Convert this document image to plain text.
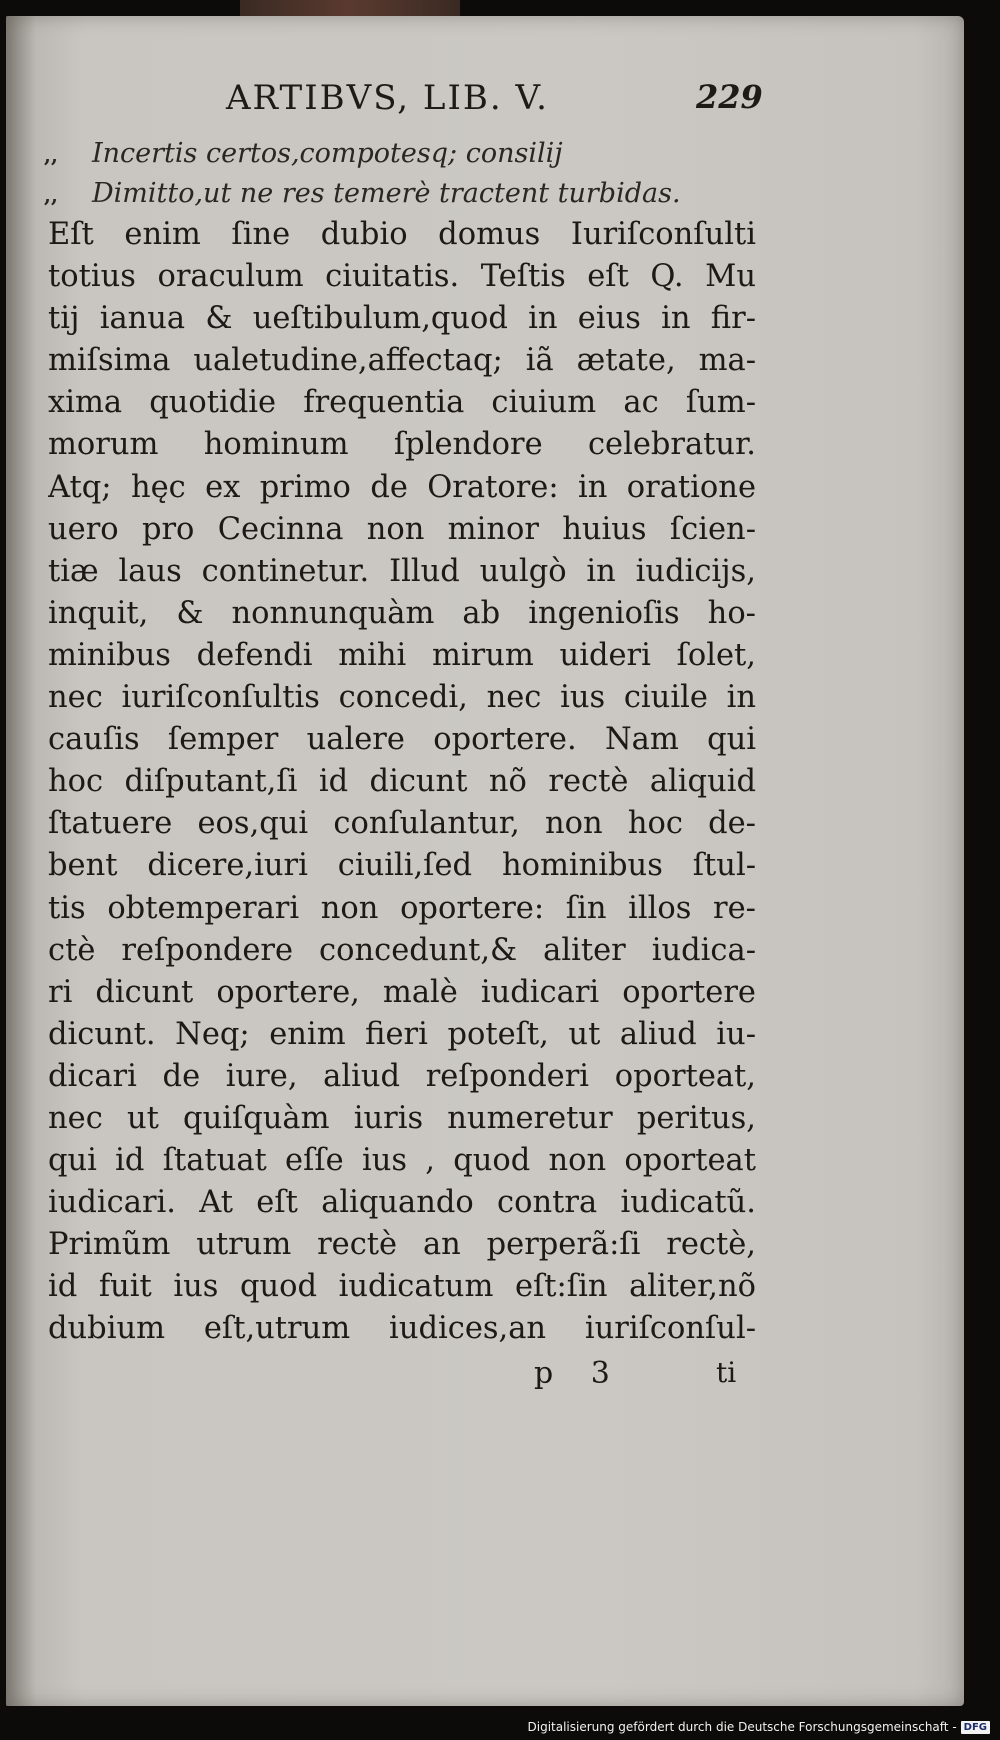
ARTIBVS, LIB. V.	229
,, Incertis certos,compotesq; consilij
,, Dimitto,ut ne res temerè tractent turbidas.
Eſt enim ſine dubio domus Iuriſconſulti
totius oraculum ciuitatis. Teſtis eſt Q. Mu
tij ianua & ueſtibulum,quod in eius in fir-
miſsima ualetudine,affectaq; iã ætate, ma-
xima quotidie frequentia ciuium ac ſum-
morum hominum ſplendore celebratur.
Atq; hęc ex primo de Oratore: in oratione
uero pro Cecinna non minor huius ſcien-
tiæ laus continetur. Illud uulgò in iudicijs,
inquit, & nonnunquàm ab ingenioſis ho-
minibus defendi mihi mirum uideri ſolet,
nec iuriſconſultis concedi, nec ius ciuile in
cauſis ſemper ualere oportere. Nam qui
hoc diſputant,ſi id dicunt nõ rectè aliquid
ſtatuere eos,qui conſulantur, non hoc de-
bent dicere,iuri ciuili,ſed hominibus ſtul-
tis obtemperari non oportere: ſin illos re-
ctè reſpondere concedunt,& aliter iudica-
ri dicunt oportere, malè iudicari oportere
dicunt. Neq; enim fieri poteſt, ut aliud iu-
dicari de iure, aliud reſponderi oporteat,
nec ut quiſquàm iuris numeretur peritus,
qui id ſtatuat eſſe ius , quod non oporteat
iudicari. At eſt aliquando contra iudicatũ.
Primũm utrum rectè an perperã:ſi rectè,
id fuit ius quod iudicatum eſt:ſin aliter,nõ
dubium eſt,utrum iudices,an iuriſconſul-
p 3	ti
Digitalisierung gefördert durch die Deutsche Forschungsgemeinschaft - DFG
